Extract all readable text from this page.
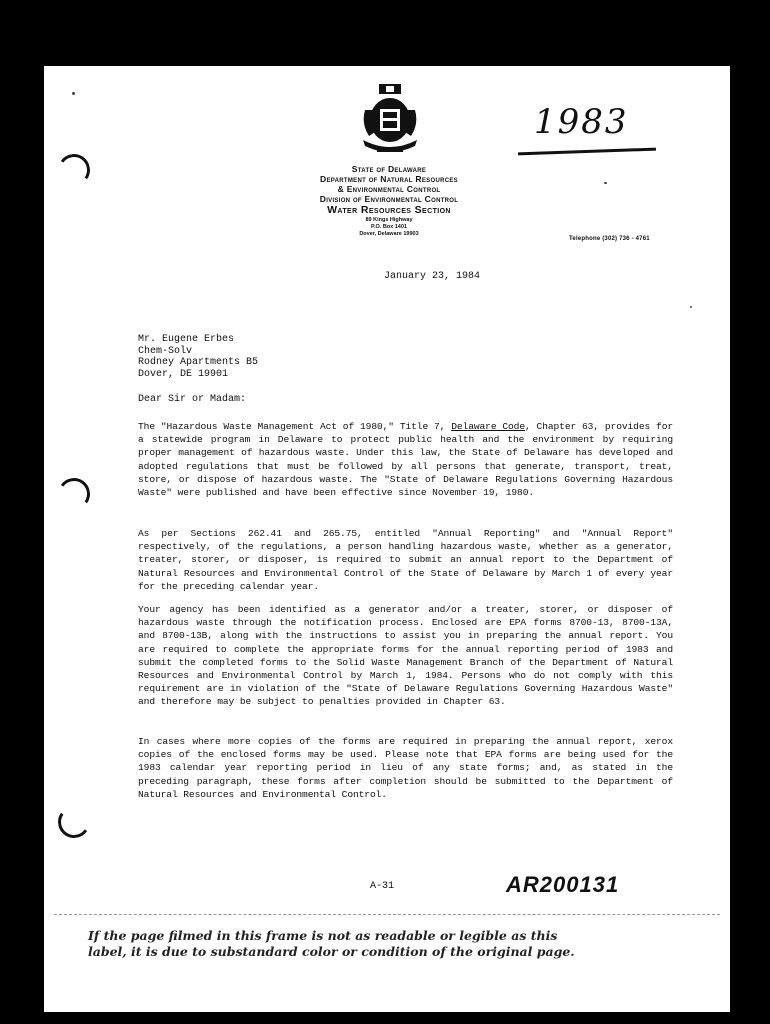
1983
State of Delaware
Department of Natural Resources
& Environmental Control
Division of Environmental Control
Water Resources Section
89 Kings Highway
P.O. Box 1401
Dover, Delaware 19903
Telephone (302) 736 - 4761
January 23, 1984
Mr. Eugene Erbes
Chem-Solv
Rodney Apartments B5
Dover, DE 19901
Dear Sir or Madam:
The "Hazardous Waste Management Act of 1980," Title 7, Delaware Code, Chapter 63, provides for a statewide program in Delaware to protect public health and the environment by requiring proper management of hazardous waste. Under this law, the State of Delaware has developed and adopted regulations that must be followed by all persons that generate, transport, treat, store, or dispose of hazardous waste. The "State of Delaware Regulations Governing Hazardous Waste" were published and have been effective since November 19, 1980.
As per Sections 262.41 and 265.75, entitled "Annual Reporting" and "Annual Report" respectively, of the regulations, a person handling hazardous waste, whether as a generator, treater, storer, or disposer, is required to submit an annual report to the Department of Natural Resources and Environmental Control of the State of Delaware by March 1 of every year for the preceding calendar year.
Your agency has been identified as a generator and/or a treater, storer, or disposer of hazardous waste through the notification process. Enclosed are EPA forms 8700-13, 8700-13A, and 8700-13B, along with the instructions to assist you in preparing the annual report. You are required to complete the appropriate forms for the annual reporting period of 1983 and submit the completed forms to the Solid Waste Management Branch of the Department of Natural Resources and Environmental Control by March 1, 1984. Persons who do not comply with this requirement are in violation of the "State of Delaware Regulations Governing Hazardous Waste" and therefore may be subject to penalties provided in Chapter 63.
In cases where more copies of the forms are required in preparing the annual report, xerox copies of the enclosed forms may be used. Please note that EPA forms are being used for the 1983 calendar year reporting period in lieu of any state forms; and, as stated in the preceding paragraph, these forms after completion should be submitted to the Department of Natural Resources and Environmental Control.
A-31	AR200131
If the page filmed in this frame is not as readable or legible as this
label, it is due to substandard color or condition of the original page.
